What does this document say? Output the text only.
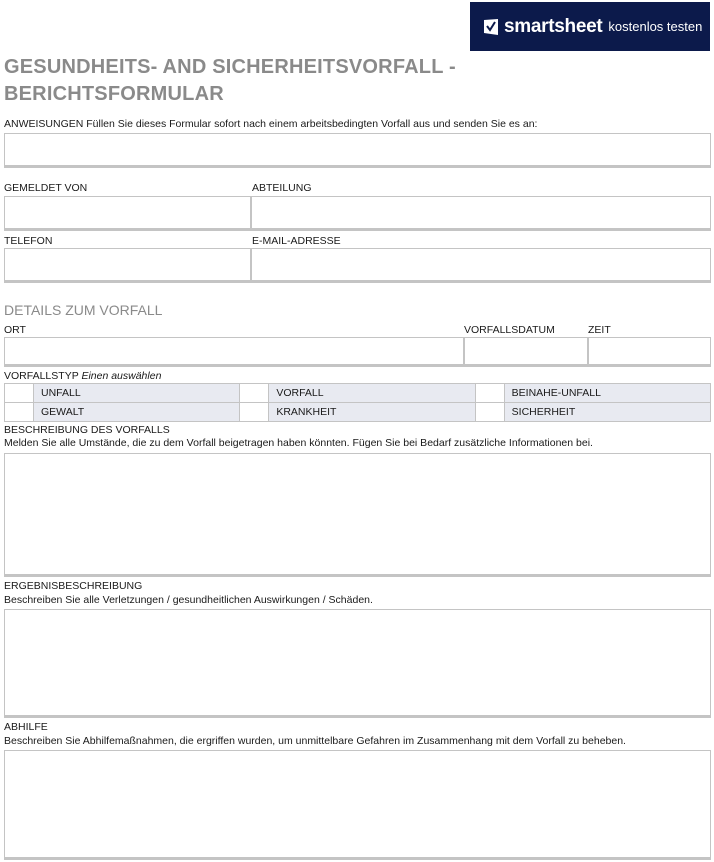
smartsheet kostenlos testen
GESUNDHEITS- AND SICHERHEITSVORFALL -
BERICHTSFORMULAR
ANWEISUNGEN Füllen Sie dieses Formular sofort nach einem arbeitsbedingten Vorfall aus und senden Sie es an:
GEMELDET VON	ABTEILUNG
TELEFON	E-MAIL-ADRESSE
DETAILS ZUM VORFALL
ORT	VORFALLSDATUM	ZEIT
VORFALLSTYP Einen auswählen
	UNFALL		VORFALL		BEINAHE-UNFALL
	GEWALT		KRANKHEIT		SICHERHEIT
BESCHREIBUNG DES VORFALLS
Melden Sie alle Umstände, die zu dem Vorfall beigetragen haben könnten. Fügen Sie bei Bedarf zusätzliche Informationen bei.
ERGEBNISBESCHREIBUNG
Beschreiben Sie alle Verletzungen / gesundheitlichen Auswirkungen / Schäden.
ABHILFE
Beschreiben Sie Abhilfemaßnahmen, die ergriffen wurden, um unmittelbare Gefahren im Zusammenhang mit dem Vorfall zu beheben.
